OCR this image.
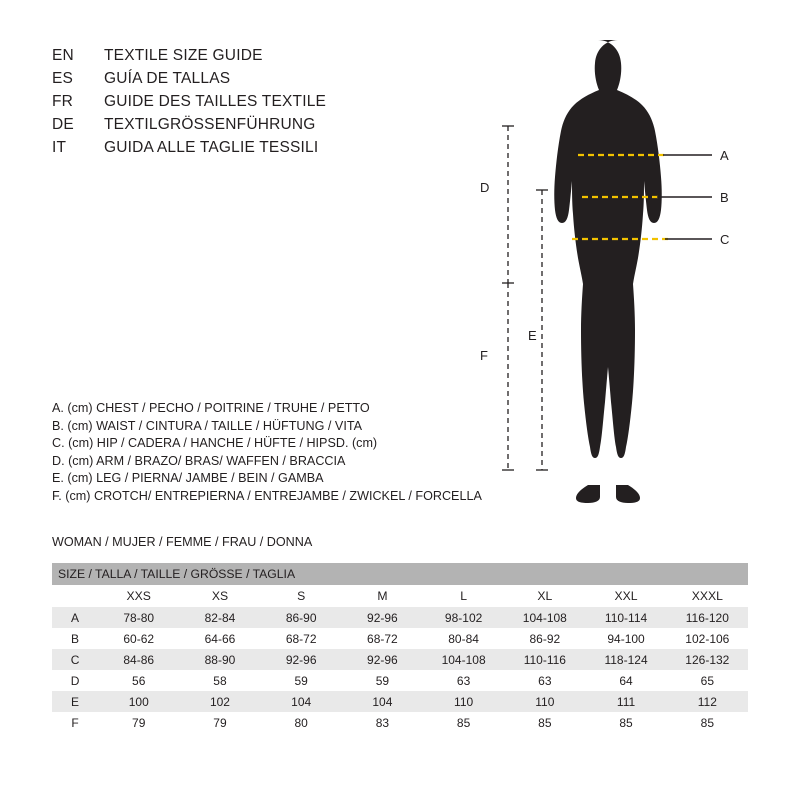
EN	TEXTILE SIZE GUIDE
ES	GUÍA DE TALLAS
FR	GUIDE DES TAILLES TEXTILE
DE	TEXTILGRÖSSENFÜHRUNG
IT	GUIDA ALLE TAGLIE TESSILI
A. (cm) CHEST / PECHO / POITRINE / TRUHE / PETTO
B. (cm) WAIST / CINTURA / TAILLE / HÜFTUNG / VITA
C. (cm) HIP / CADERA / HANCHE / HÜFTE / HIPSD. (cm)
D. (cm) ARM / BRAZO/ BRAS/ WAFFEN / BRACCIA
E. (cm) LEG / PIERNA/ JAMBE / BEIN / GAMBA
F. (cm) CROTCH/ ENTREPIERNA / ENTREJAMBE / ZWICKEL / FORCELLA
WOMAN / MUJER / FEMME / FRAU / DONNA
A
B
C
D
E
F
SIZE / TALLA / TAILLE / GRÖSSE / TAGLIA								
	XXS	XS	S	M	L	XL	XXL	XXXL
A	78-80	82-84	86-90	92-96	98-102	104-108	110-114	116-120
B	60-62	64-66	68-72	68-72	80-84	86-92	94-100	102-106
C	84-86	88-90	92-96	92-96	104-108	110-116	118-124	126-132
D	56	58	59	59	63	63	64	65
E	100	102	104	104	110	110	111	112
F	79	79	80	83	85	85	85	85
